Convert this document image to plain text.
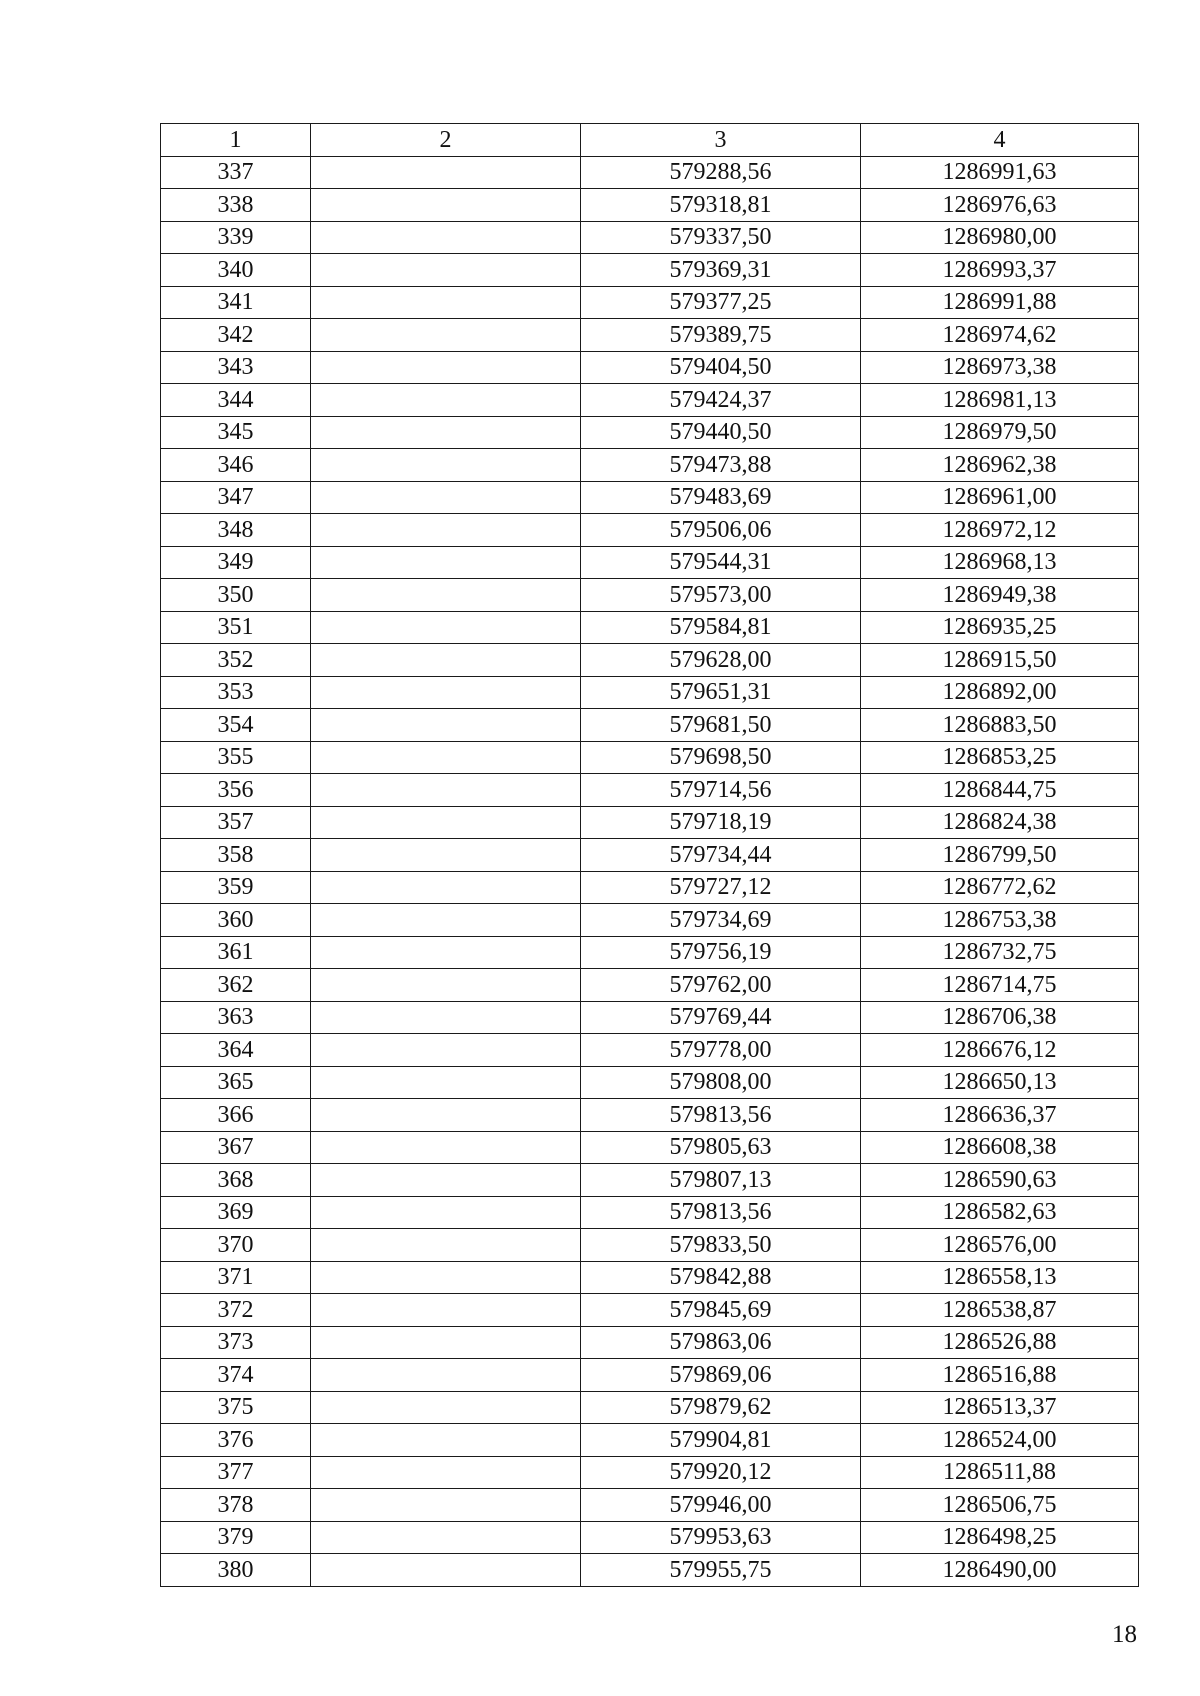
1	2	3	4
337		579288,56	1286991,63
338		579318,81	1286976,63
339		579337,50	1286980,00
340		579369,31	1286993,37
341		579377,25	1286991,88
342		579389,75	1286974,62
343		579404,50	1286973,38
344		579424,37	1286981,13
345		579440,50	1286979,50
346		579473,88	1286962,38
347		579483,69	1286961,00
348		579506,06	1286972,12
349		579544,31	1286968,13
350		579573,00	1286949,38
351		579584,81	1286935,25
352		579628,00	1286915,50
353		579651,31	1286892,00
354		579681,50	1286883,50
355		579698,50	1286853,25
356		579714,56	1286844,75
357		579718,19	1286824,38
358		579734,44	1286799,50
359		579727,12	1286772,62
360		579734,69	1286753,38
361		579756,19	1286732,75
362		579762,00	1286714,75
363		579769,44	1286706,38
364		579778,00	1286676,12
365		579808,00	1286650,13
366		579813,56	1286636,37
367		579805,63	1286608,38
368		579807,13	1286590,63
369		579813,56	1286582,63
370		579833,50	1286576,00
371		579842,88	1286558,13
372		579845,69	1286538,87
373		579863,06	1286526,88
374		579869,06	1286516,88
375		579879,62	1286513,37
376		579904,81	1286524,00
377		579920,12	1286511,88
378		579946,00	1286506,75
379		579953,63	1286498,25
380		579955,75	1286490,00
18
